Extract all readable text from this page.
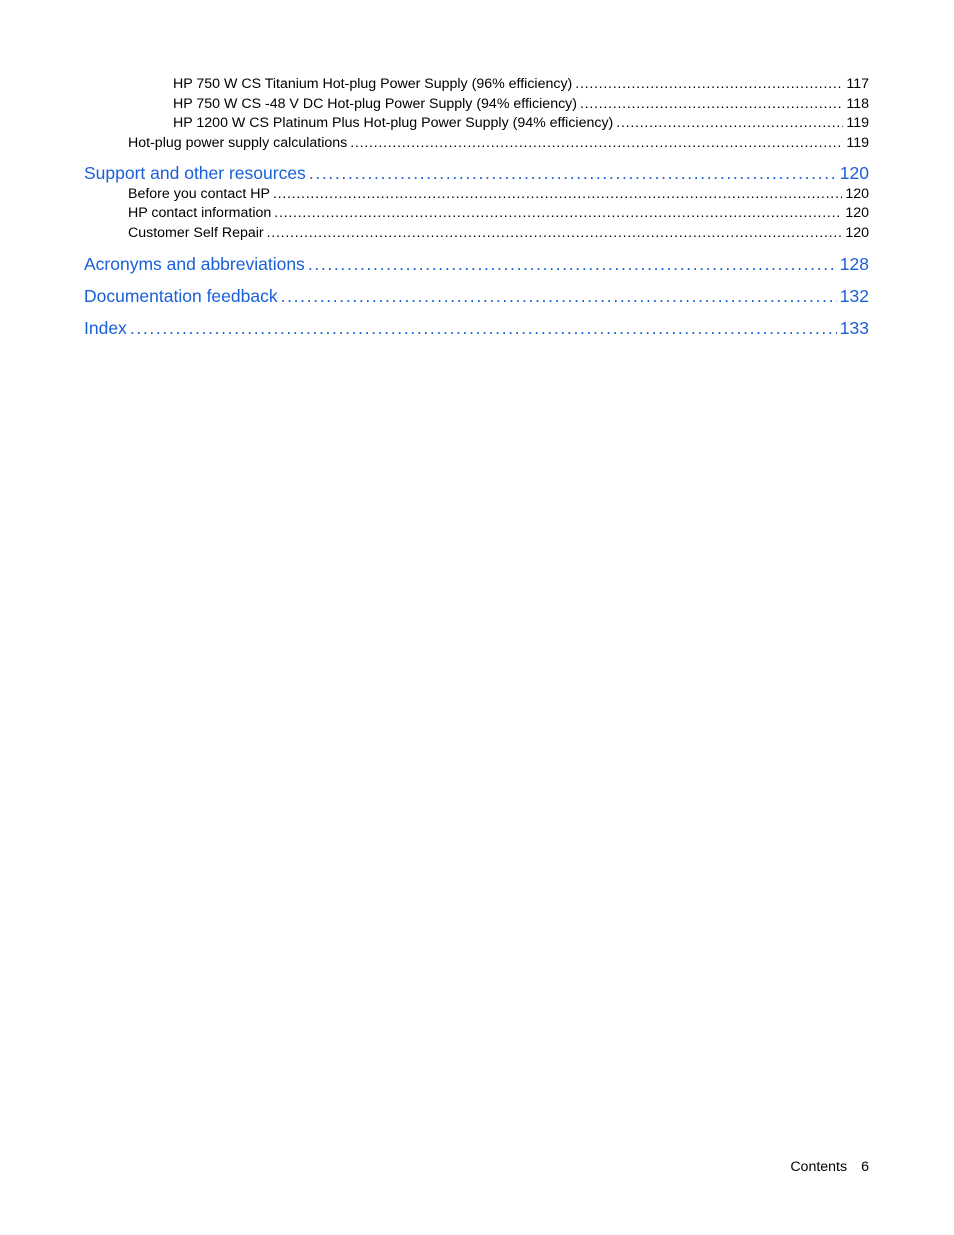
HP 750 W CS Titanium Hot-plug Power Supply (96% efficiency) . . .	117
HP 750 W CS -48 V DC Hot-plug Power Supply (94% efficiency) . . .	118
HP 1200 W CS Platinum Plus Hot-plug Power Supply (94% efficiency) . . .	119
Hot-plug power supply calculations . . .	119
Support and other resources . . .	120
Before you contact HP . . .	120
HP contact information . . .	120
Customer Self Repair . . .	120
Acronyms and abbreviations . . .	128
Documentation feedback . . .	132
Index . . .	133
Contents 6
